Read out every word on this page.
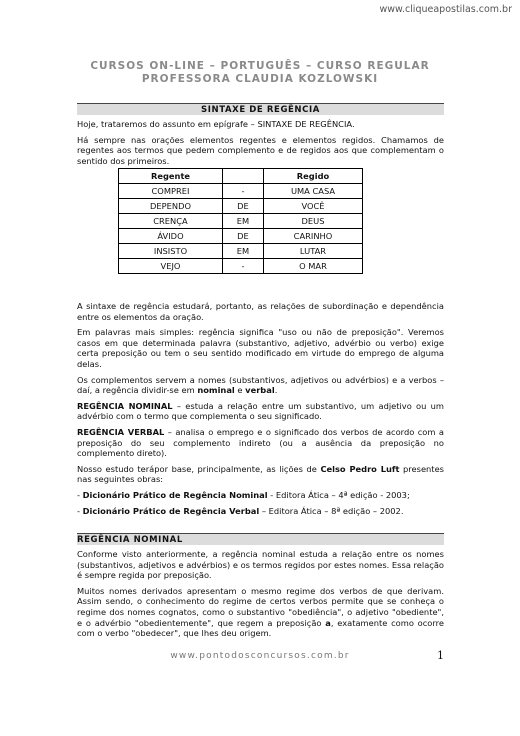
www.cliqueapostilas.com.br
CURSOS ON-LINE – PORTUGUÊS – CURSO REGULAR
PROFESSORA CLAUDIA KOZLOWSKI
SINTAXE DE REGÊNCIA

Hoje, trataremos do assunto em epígrafe – SINTAXE DE REGÊNCIA.

Há sempre nas orações elementos regentes e elementos regidos. Chamamos de regentes aos termos que pedem complemento e de regidos aos que complementam o sentido dos primeiros.

Regente		Regido
COMPREI	-	UMA CASA
DEPENDO	DE	VOCÊ
CRENÇA	EM	DEUS
ÁVIDO	DE	CARINHO
INSISTO	EM	LUTAR
VEJO	-	O MAR

A sintaxe de regência estudará, portanto, as relações de subordinação e dependência entre os elementos da oração.

Em palavras mais simples: regência significa "uso ou não de preposição". Veremos casos em que determinada palavra (substantivo, adjetivo, advérbio ou verbo) exige certa preposição ou tem o seu sentido modificado em virtude do emprego de alguma delas.

Os complementos servem a nomes (substantivos, adjetivos ou advérbios) e a verbos – daí, a regência dividir-se em nominal e verbal.

REGÊNCIA NOMINAL – estuda a relação entre um substantivo, um adjetivo ou um advérbio com o termo que complementa o seu significado.

REGÊNCIA VERBAL – analisa o emprego e o significado dos verbos de acordo com a preposição do seu complemento indireto (ou a ausência da preposição no complemento direto).

Nosso estudo terápor base, principalmente, as lições de Celso Pedro Luft presentes nas seguintes obras:

- Dicionário Prático de Regência Nominal - Editora Ática – 4ª edição - 2003;

- Dicionário Prático de Regência Verbal – Editora Ática – 8ª edição – 2002.

REGÊNCIA NOMINAL

Conforme visto anteriormente, a regência nominal estuda a relação entre os nomes (substantivos, adjetivos e advérbios) e os termos regidos por estes nomes. Essa relação é sempre regida por preposição.

Muitos nomes derivados apresentam o mesmo regime dos verbos de que derivam. Assim sendo, o conhecimento do regime de certos verbos permite que se conheça o regime dos nomes cognatos, como o substantivo "obediência", o adjetivo "obediente", e o advérbio "obedientemente", que regem a preposição a, exatamente como ocorre com o verbo "obedecer", que lhes deu origem.

www.pontodosconcursos.com.br	1
